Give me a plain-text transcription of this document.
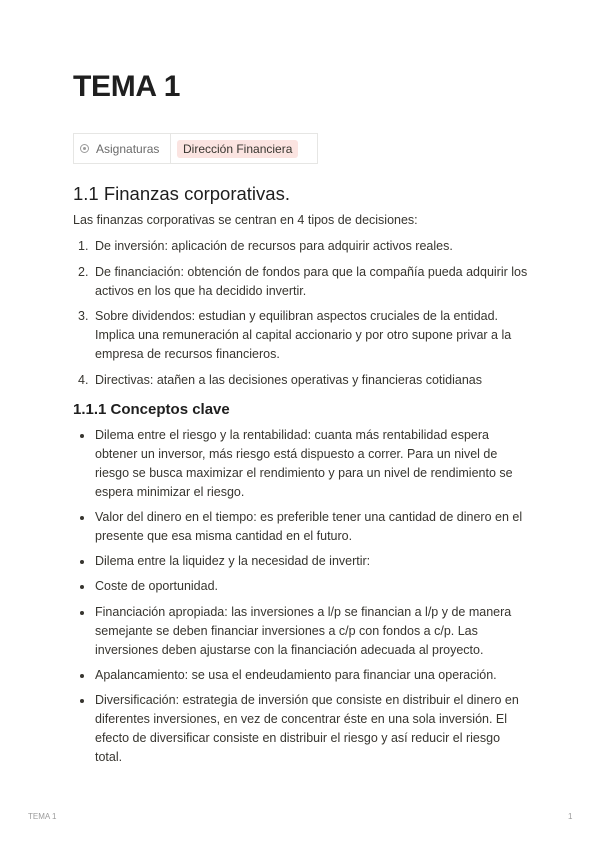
TEMA 1
Asignaturas	Dirección Financiera
1.1 Finanzas corporativas.

Las finanzas corporativas se centran en 4 tipos de decisiones:

1. De inversión: aplicación de recursos para adquirir activos reales.
2. De financiación: obtención de fondos para que la compañía pueda adquirir los activos en los que ha decidido invertir.
3. Sobre dividendos: estudian y equilibran aspectos cruciales de la entidad. Implica una remuneración al capital accionario y por otro supone privar a la empresa de recursos financieros.
4. Directivas: atañen a las decisiones operativas y financieras cotidianas
1.1.1 Conceptos clave
Dilema entre el riesgo y la rentabilidad: cuanta más rentabilidad espera obtener un inversor, más riesgo está dispuesto a correr. Para un nivel de riesgo se busca maximizar el rendimiento y para un nivel de rendimiento se espera minimizar el riesgo.
Valor del dinero en el tiempo: es preferible tener una cantidad de dinero en el presente que esa misma cantidad en el futuro.
Dilema entre la liquidez y la necesidad de invertir:
Coste de oportunidad.
Financiación apropiada: las inversiones a l/p se financian a l/p y de manera semejante se deben financiar inversiones a c/p con fondos a c/p. Las inversiones deben ajustarse con la financiación adecuada al proyecto.
Apalancamiento: se usa el endeudamiento para financiar una operación.
Diversificación: estrategia de inversión que consiste en distribuir el dinero en diferentes inversiones, en vez de concentrar éste en una sola inversión. El efecto de diversificar consiste en distribuir el riesgo y así reducir el riesgo total.
TEMA 1	1
